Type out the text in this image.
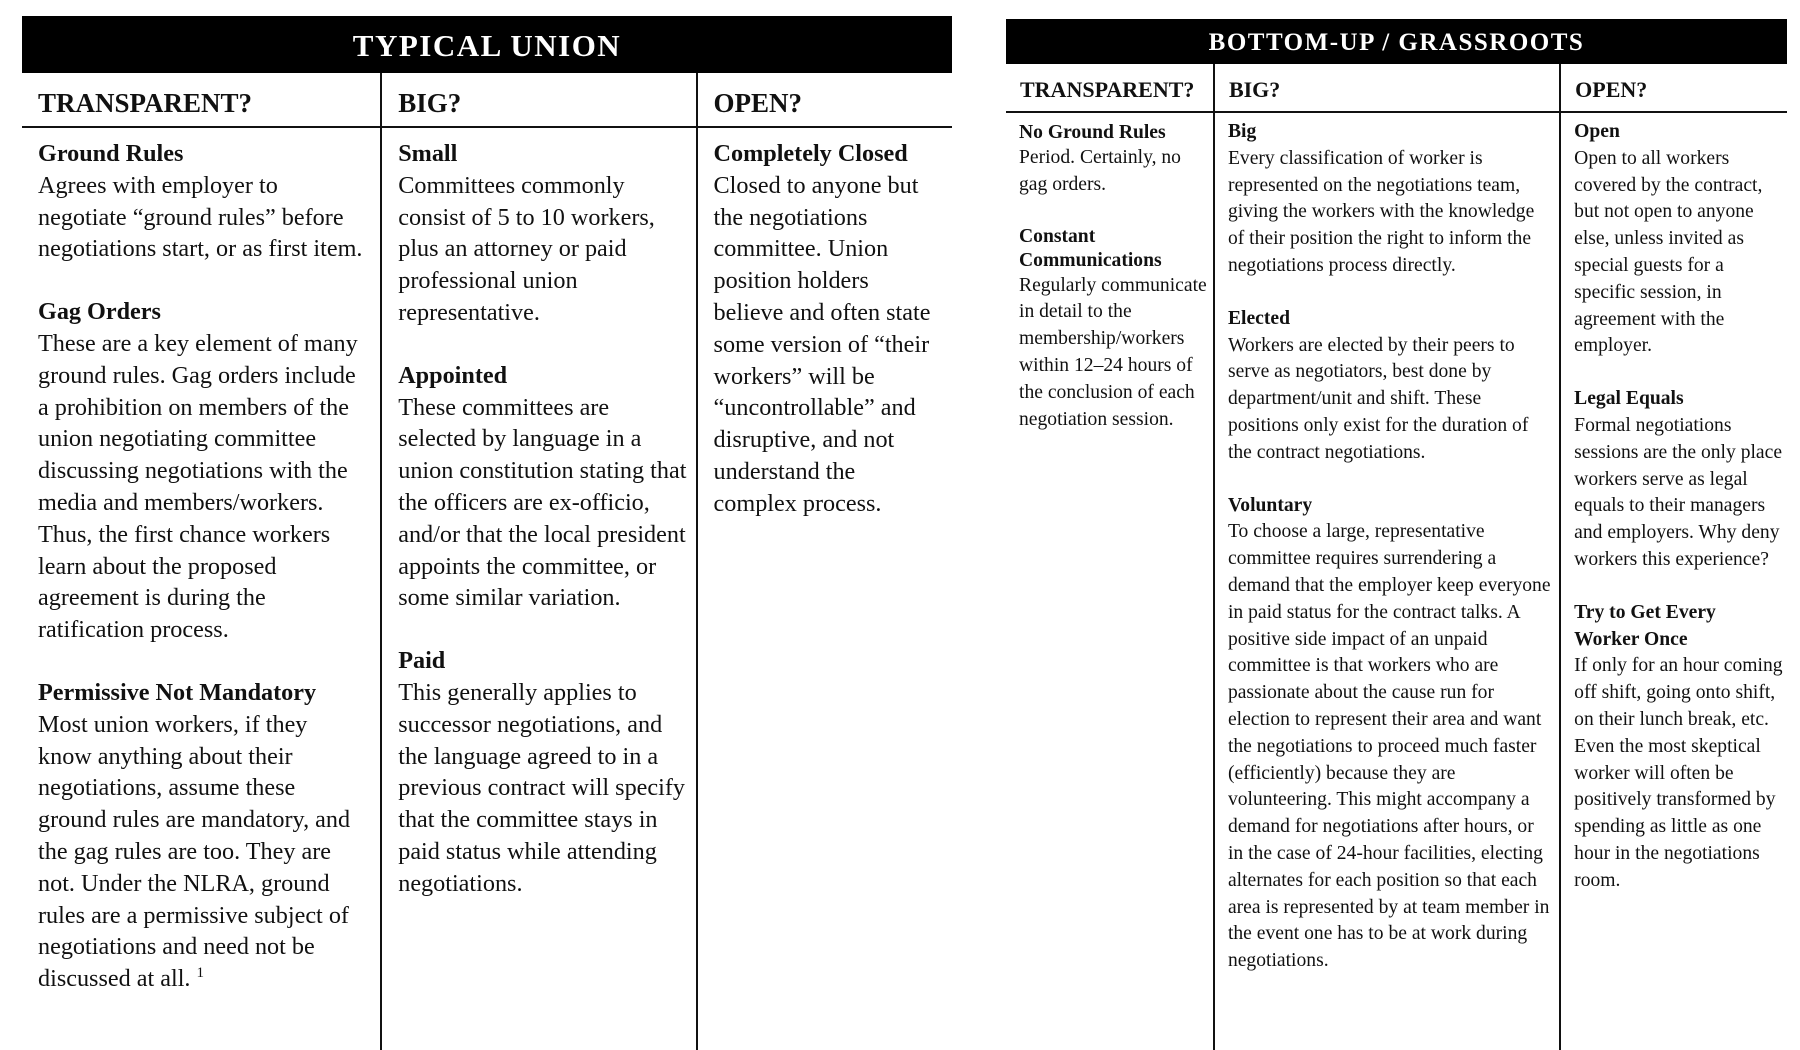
TYPICAL UNION
TRANSPARENT?
Ground Rules

Agrees with employer to negotiate “ground rules” before negotiations start, or as first item.

Gag Orders

These are a key element of many ground rules. Gag orders include a prohibition on members of the union negotiating committee discussing negotiations with the media and members/workers. Thus, the first chance workers learn about the proposed agreement is during the ratification process.

Permissive Not Mandatory

Most union workers, if they know anything about their negotiations, assume these ground rules are mandatory, and the gag rules are too. They are not. Under the NLRA, ground rules are a permissive subject of negotiations and need not be discussed at all. $^1$

BIG?
Small

Committees commonly consist of 5 to 10 workers, plus an attorney or paid professional union representative.

Appointed

These committees are selected by language in a union constitution stating that the officers are ex-officio, and/or that the local president appoints the committee, or some similar variation.

Paid

This generally applies to successor negotiations, and the language agreed to in a previous contract will specify that the committee stays in paid status while attending negotiations.

OPEN?
Completely Closed

Closed to anyone but the negotiations committee. Union position holders believe and often state some version of “their workers” will be “uncontrollable” and disruptive, and not understand the complex process.

BOTTOM-UP / GRASSROOTS
TRANSPARENT?
No Ground Rules

Period. Certainly, no gag orders.

Constant Communications

Regularly communicate in detail to the membership/workers within 12–24 hours of the conclusion of each negotiation session.

BIG?
Big

Every classification of worker is represented on the negotiations team, giving the workers with the knowledge of their position the right to inform the negotiations process directly.

Elected

Workers are elected by their peers to serve as negotiators, best done by department/unit and shift. These positions only exist for the duration of the contract negotiations.

Voluntary

To choose a large, representative committee requires surrendering a demand that the employer keep everyone in paid status for the contract talks. A positive side impact of an unpaid committee is that workers who are passionate about the cause run for election to represent their area and want the negotiations to proceed much faster (efficiently) because they are volunteering. This might accompany a demand for negotiations after hours, or in the case of 24-hour facilities, electing alternates for each position so that each area is represented by at team member in the event one has to be at work during negotiations.

OPEN?
Open

Open to all workers covered by the contract, but not open to anyone else, unless invited as special guests for a specific session, in agreement with the employer.

Legal Equals

Formal negotiations sessions are the only place workers serve as legal equals to their managers and employers. Why deny workers this experience?

Try to Get Every Worker Once

If only for an hour coming off shift, going onto shift, on their lunch break, etc. Even the most skeptical worker will often be positively transformed by spending as little as one hour in the negotiations room.
